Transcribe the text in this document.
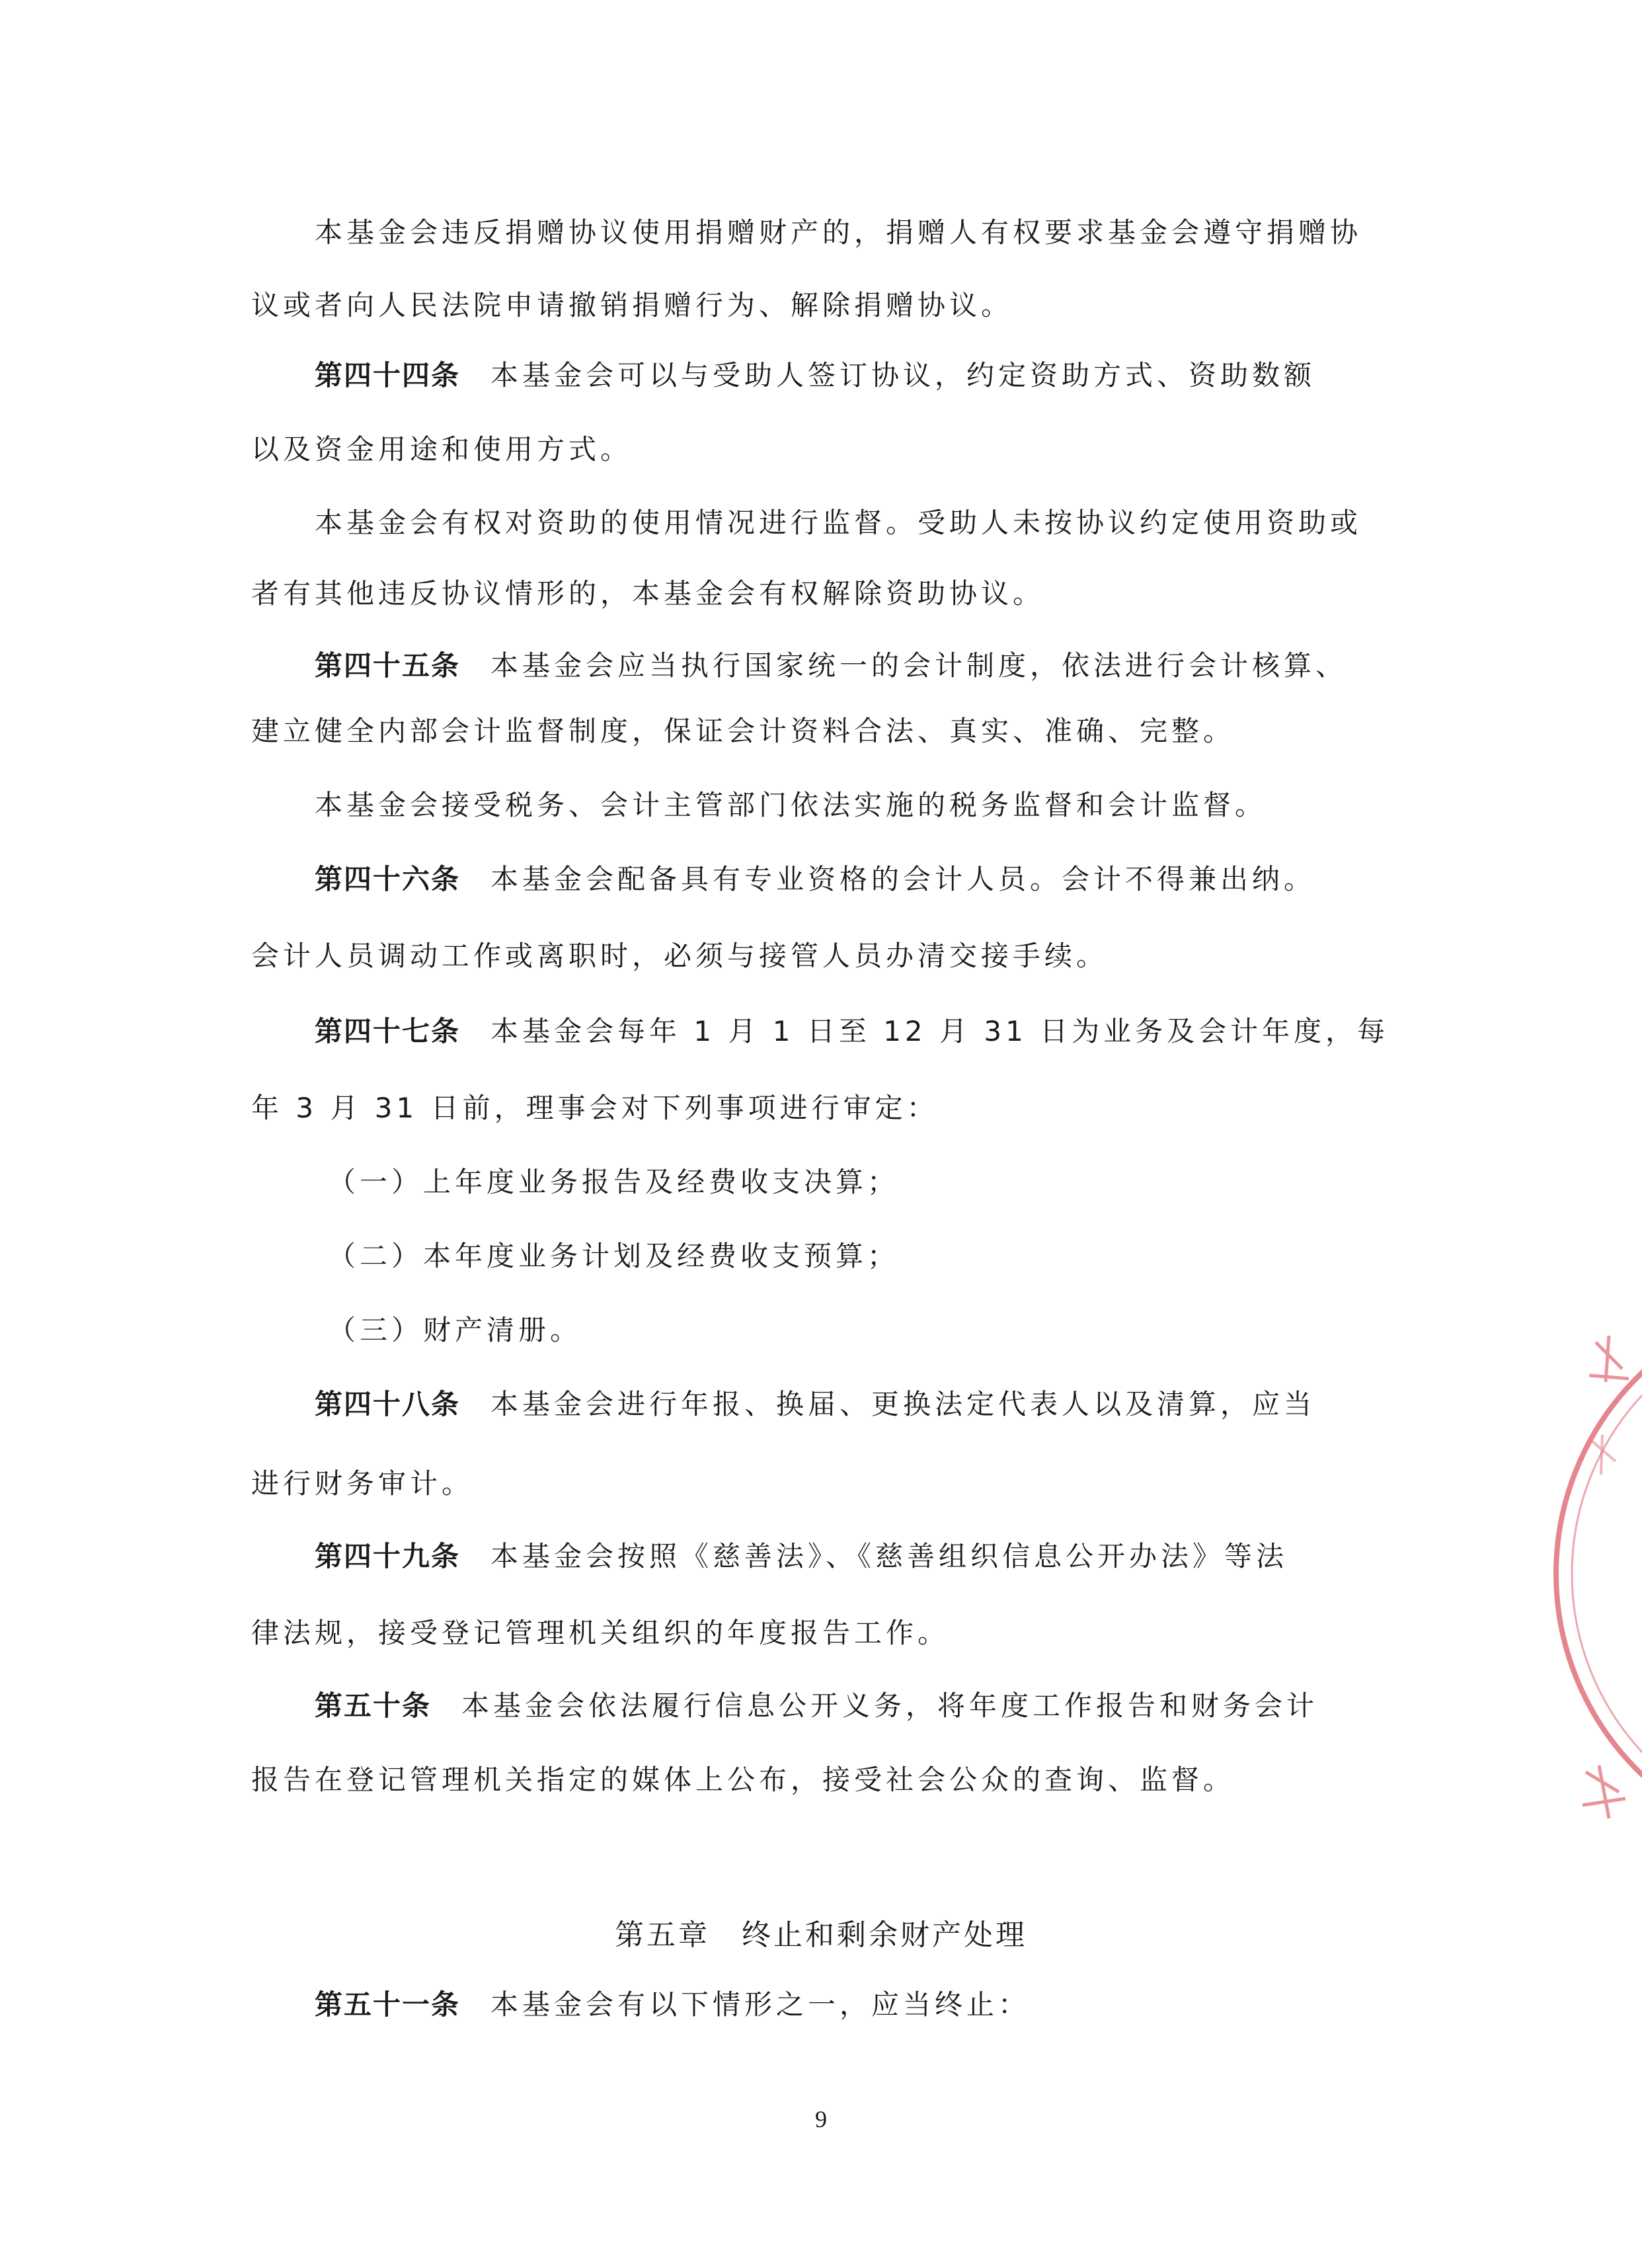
本基金会违反捐赠协议使用捐赠财产的，捐赠人有权要求基金会遵守捐赠协
议或者向人民法院申请撤销捐赠行为、解除捐赠协议。
第四十四条 本基金会可以与受助人签订协议，约定资助方式、资助数额
以及资金用途和使用方式。
本基金会有权对资助的使用情况进行监督。受助人未按协议约定使用资助或
者有其他违反协议情形的，本基金会有权解除资助协议。
第四十五条 本基金会应当执行国家统一的会计制度，依法进行会计核算、
建立健全内部会计监督制度，保证会计资料合法、真实、准确、完整。
本基金会接受税务、会计主管部门依法实施的税务监督和会计监督。
第四十六条 本基金会配备具有专业资格的会计人员。会计不得兼出纳。
会计人员调动工作或离职时，必须与接管人员办清交接手续。
第四十七条 本基金会每年 1 月 1 日至 12 月 31 日为业务及会计年度，每
年 3 月 31 日前，理事会对下列事项进行审定：
（一）上年度业务报告及经费收支决算；
（二）本年度业务计划及经费收支预算；
（三）财产清册。
第四十八条 本基金会进行年报、换届、更换法定代表人以及清算，应当
进行财务审计。
第四十九条 本基金会按照《慈善法》、《慈善组织信息公开办法》等法
律法规，接受登记管理机关组织的年度报告工作。
第五十条 本基金会依法履行信息公开义务，将年度工作报告和财务会计
报告在登记管理机关指定的媒体上公布，接受社会公众的查询、监督。
第五章　终止和剩余财产处理
第五十一条 本基金会有以下情形之一，应当终止：
9
